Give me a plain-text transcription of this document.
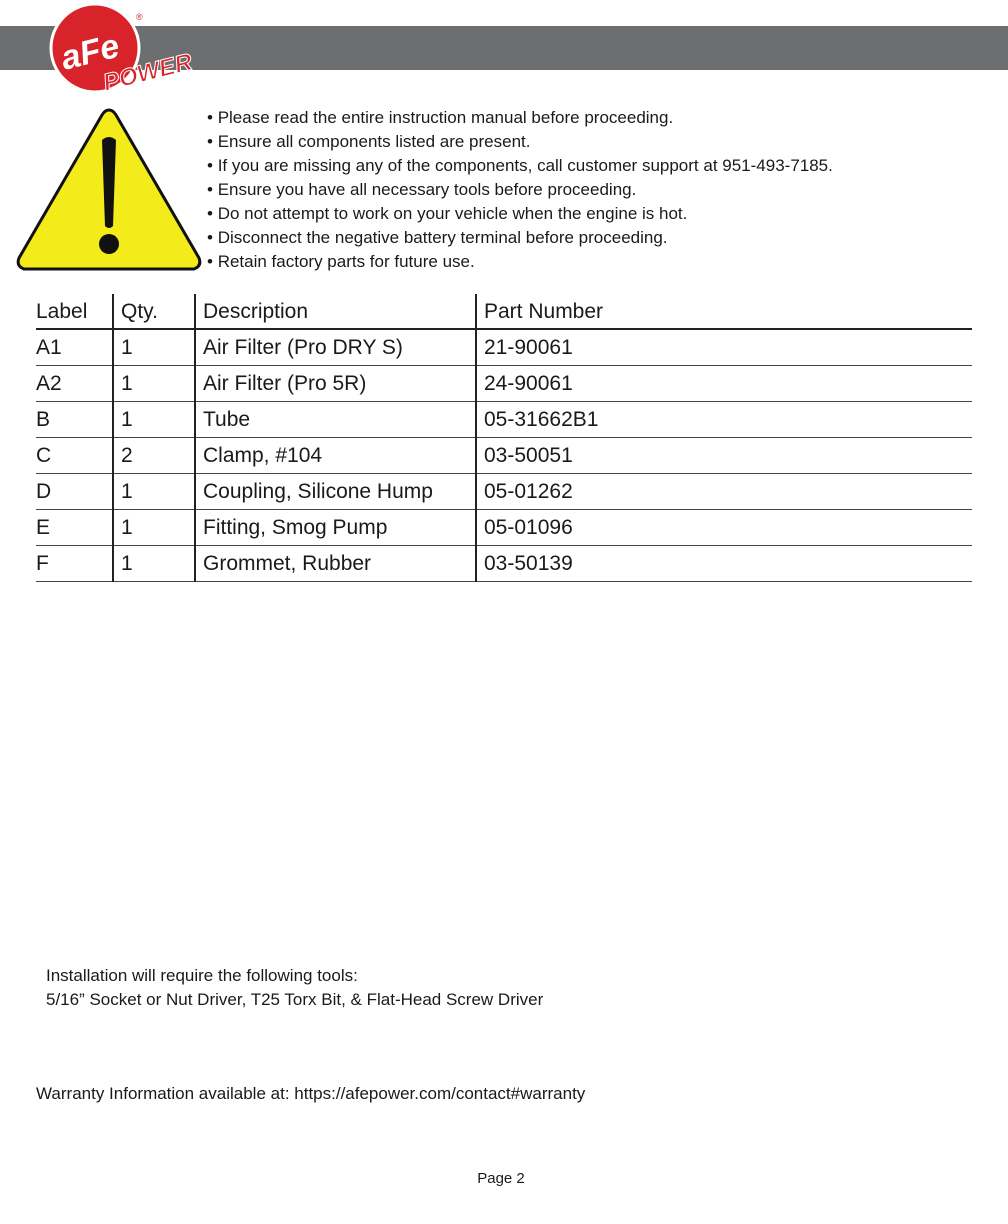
aFe
POWER
®
• Please read the entire instruction manual before proceeding.
• Ensure all components listed are present.
• If you are missing any of the components, call customer support at 951-493-7185.
• Ensure you have all necessary tools before proceeding.
• Do not attempt to work on your vehicle when the engine is hot.
• Disconnect the negative battery terminal before proceeding.
• Retain factory parts for future use.
Label	Qty.	Description	Part Number
A1	1	Air Filter (Pro DRY S)	21-90061
A2	1	Air Filter (Pro 5R)	24-90061
B	1	Tube	05-31662B1
C	2	Clamp, #104	03-50051
D	1	Coupling, Silicone Hump	05-01262
E	1	Fitting, Smog Pump	05-01096
F	1	Grommet, Rubber	03-50139
Installation will require the following tools:
5/16” Socket or Nut Driver, T25 Torx Bit, & Flat-Head Screw Driver
Warranty Information available at: https://afepower.com/contact#warranty
Page 2
